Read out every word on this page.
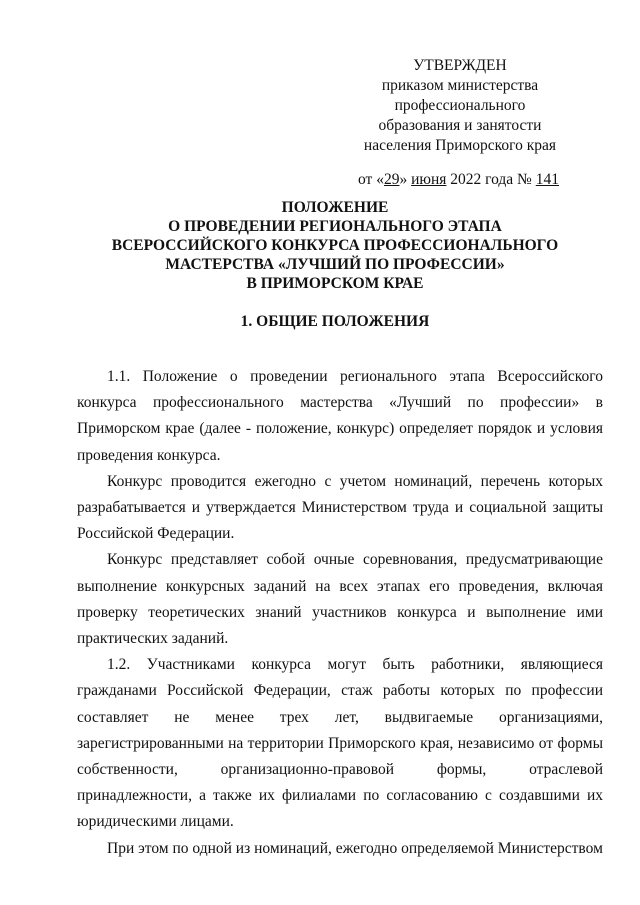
УТВЕРЖДЕН
приказом министерства
профессионального
образования и занятости
населения Приморского края
от «29» июня 2022 года № 141
ПОЛОЖЕНИЕ
О ПРОВЕДЕНИИ РЕГИОНАЛЬНОГО ЭТАПА
ВСЕРОССИЙСКОГО КОНКУРСА ПРОФЕССИОНАЛЬНОГО
МАСТЕРСТВА «ЛУЧШИЙ ПО ПРОФЕССИИ»
В ПРИМОРСКОМ КРАЕ
1. ОБЩИЕ ПОЛОЖЕНИЯ

1.1. Положение о проведении регионального этапа Всероссийского конкурса профессионального мастерства «Лучший по профессии» в Приморском крае (далее - положение, конкурс) определяет порядок и условия проведения конкурса.

Конкурс проводится ежегодно с учетом номинаций, перечень которых разрабатывается и утверждается Министерством труда и социальной защиты Российской Федерации.

Конкурс представляет собой очные соревнования, предусматривающие выполнение конкурсных заданий на всех этапах его проведения, включая проверку теоретических знаний участников конкурса и выполнение ими практических заданий.

1.2. Участниками конкурса могут быть работники, являющиеся гражданами Российской Федерации, стаж работы которых по профессии составляет не менее трех лет, выдвигаемые организациями, зарегистрированными на территории Приморского края, независимо от формы собственности, организационно-правовой формы, отраслевой принадлежности, а также их филиалами по согласованию с создавшими их юридическими лицами.

При этом по одной из номинаций, ежегодно определяемой Министерством
